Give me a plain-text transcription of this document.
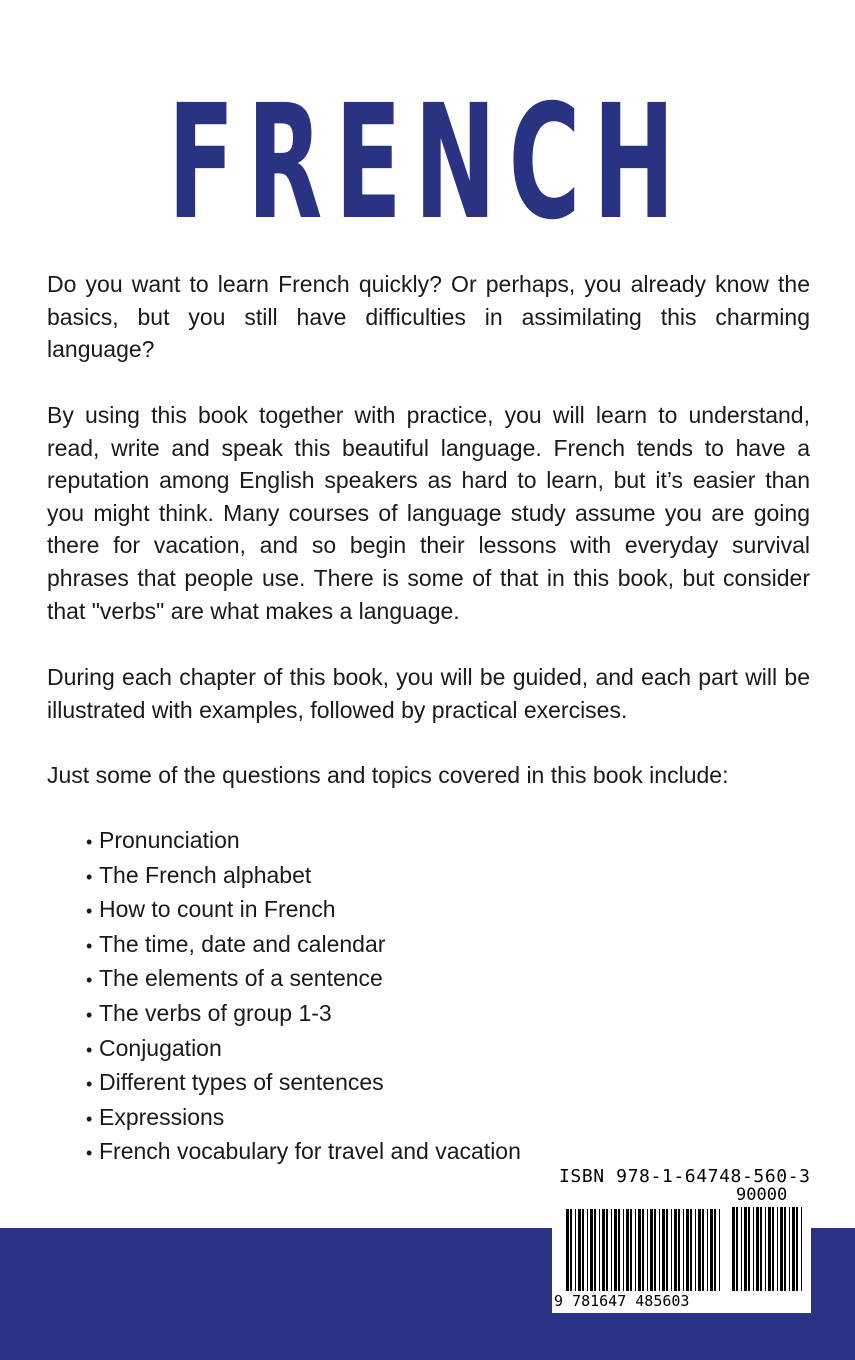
FRENCH

Do you want to learn French quickly? Or perhaps, you already know the basics, but you still have difficulties in assimilating this charming language?

By using this book together with practice, you will learn to understand, read, write and speak this beautiful language. French tends to have a reputation among English speakers as hard to learn, but it’s easier than you might think. Many courses of language study assume you are going there for vacation, and so begin their lessons with everyday survival phrases that people use. There is some of that in this book, but consider that "verbs" are what makes a language.

During each chapter of this book, you will be guided, and each part will be illustrated with examples, followed by practical exercises.

Just some of the questions and topics covered in this book include:

• Pronunciation
• The French alphabet
• How to count in French
• The time, date and calendar
• The elements of a sentence
• The verbs of group 1-3
• Conjugation
• Different types of sentences
• Expressions
• French vocabulary for travel and vacation
ISBN 978-1-64748-560-3
90000
9 781647 485603
